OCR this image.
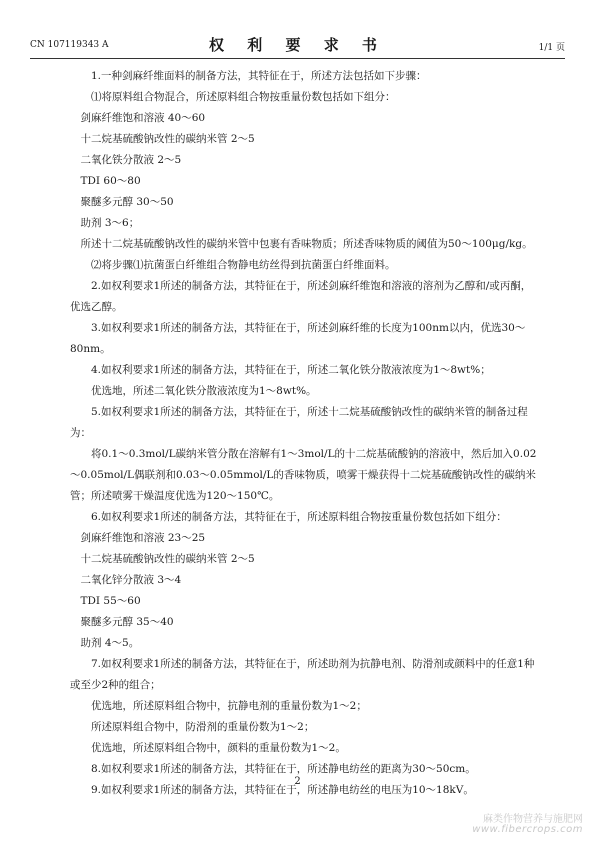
CN 107119343 A	权 利 要 求 书	1/1 页

1.一种剑麻纤维面料的制备方法，其特征在于，所述方法包括如下步骤：

⑴将原料组合物混合，所述原料组合物按重量份数包括如下组分：

剑麻纤维饱和溶液 40～60

十二烷基硫酸钠改性的碳纳米管 2～5

二氧化铁分散液 2～5

TDI 60～80

聚醚多元醇 30～50

助剂 3～6；

所述十二烷基硫酸钠改性的碳纳米管中包裹有香味物质；所述香味物质的阈值为50～100μg/kg。

⑵将步骤⑴抗菌蛋白纤维组合物静电纺丝得到抗菌蛋白纤维面料。

2.如权利要求1所述的制备方法，其特征在于，所述剑麻纤维饱和溶液的溶剂为乙醇和/或丙酮，优选乙醇。

3.如权利要求1所述的制备方法，其特征在于，所述剑麻纤维的长度为100nm以内，优选30～80nm。

4.如权利要求1所述的制备方法，其特征在于，所述二氧化铁分散液浓度为1～8wt%；

优选地，所述二氧化铁分散液浓度为1～8wt%。

5.如权利要求1所述的制备方法，其特征在于，所述十二烷基硫酸钠改性的碳纳米管的制备过程为：

将0.1～0.3mol/L碳纳米管分散在溶解有1～3mol/L的十二烷基硫酸钠的溶液中，然后加入0.02～0.05mol/L偶联剂和0.03～0.05mmol/L的香味物质，喷雾干燥获得十二烷基硫酸钠改性的碳纳米管；所述喷雾干燥温度优选为120～150℃。

6.如权利要求1所述的制备方法，其特征在于，所述原料组合物按重量份数包括如下组分：

剑麻纤维饱和溶液 23～25

十二烷基硫酸钠改性的碳纳米管 2～5

二氧化锌分散液 3～4

TDI 55～60

聚醚多元醇 35～40

助剂 4～5。

7.如权利要求1所述的制备方法，其特征在于，所述助剂为抗静电剂、防滑剂或颜料中的任意1种或至少2种的组合；

优选地，所述原料组合物中，抗静电剂的重量份数为1～2；

所述原料组合物中，防滑剂的重量份数为1～2；

优选地，所述原料组合物中，颜料的重量份数为1～2。

8.如权利要求1所述的制备方法，其特征在于，所述静电纺丝的距离为30～50cm。

9.如权利要求1所述的制备方法，其特征在于，所述静电纺丝的电压为10～18kV。

2
麻类作物营养与施肥网
www.fibercrops.com
